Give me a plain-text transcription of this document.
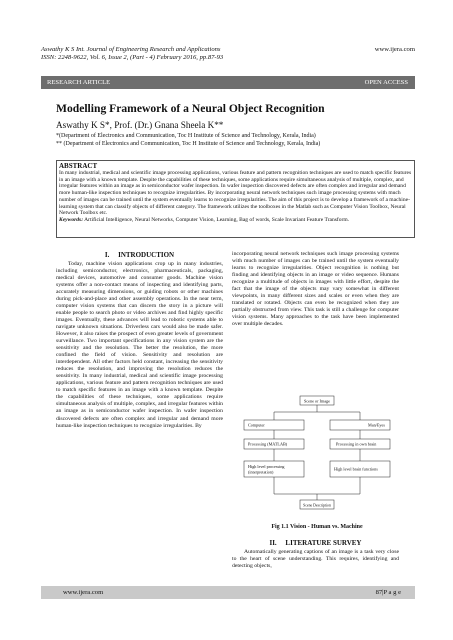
Aswathy K S Int. Journal of Engineering Research and Applications
ISSN: 2248-9622, Vol. 6, Issue 2, (Part - 4) February 2016, pp.87-93
www.ijera.com
RESEARCH ARTICLE	OPEN ACCESS
Modelling Framework of a Neural Object Recognition
Aswathy K S*, Prof. (Dr.) Gnana Sheela K**
*(Department of Electronics and Communication, Toc H Institute of Science and Technology, Kerala, India)
** (Department of Electronics and Communication, Toc H Institute of Science and Technology, Kerala, India)
ABSTRACT
In many industrial, medical and scientific image processing applications, various feature and pattern recognition techniques are used to match specific features in an image with a known template. Despite the capabilities of these techniques, some applications require simultaneous analysis of multiple, complex, and irregular features within an image as in semiconductor wafer inspection. In wafer inspection discovered defects are often complex and irregular and demand more human-like inspection techniques to recognize irregularities. By incorporating neural network techniques such image processing systems with much number of images can be trained until the system eventually learns to recognize irregularities. The aim of this project is to develop a framework of a machine-learning system that can classify objects of different category. The framework utilizes the toolboxes in the Matlab such as Computer Vision Toolbox, Neural Network Toolbox etc.
Keywords: Artificial Intelligence, Neural Networks, Computer Vision, Learning, Bag of words, Scale Invariant Feature Transform.
I.     INTRODUCTION

Today, machine vision applications crop up in many industries, including semiconductor, electronics, pharmaceuticals, packaging, medical devices, automotive and consumer goods. Machine vision systems offer a non-contact means of inspecting and identifying parts, accurately measuring dimensions, or guiding robots or other machines during pick-and-place and other assembly operations. In the near term, computer vision systems that can discern the story in a picture will enable people to search photo or video archives and find highly specific images. Eventually, these advances will lead to robotic systems able to navigate unknown situations. Driverless cars would also be made safer. However, it also raises the prospect of even greater levels of government surveillance. Two important specifications in any vision system are the sensitivity and the resolution. The better the resolution, the more confined the field of vision. Sensitivity and resolution are interdependent. All other factors held constant, increasing the sensitivity reduces the resolution, and improving the resolution reduces the sensitivity. In many industrial, medical and scientific image processing applications, various feature and pattern recognition techniques are used to match specific features in an image with a known template. Despite the capabilities of these techniques, some applications require simultaneous analysis of multiple, complex, and irregular features within an image as in semiconductor wafer inspection. In wafer inspection discovered defects are often complex and irregular and demand more human-like inspection techniques to recognize irregularities. By

incorporating neural network techniques such image processing systems with much number of images can be trained until the system eventually learns to recognize irregularities. Object recognition is nothing but finding and identifying objects in an image or video sequence. Humans recognize a multitude of objects in images with little effort, despite the fact that the image of the objects may vary somewhat in different viewpoints, in many different sizes and scales or even when they are translated or rotated. Objects can even be recognized when they are partially obstructed from view. This task is still a challenge for computer vision systems. Many approaches to the task have been implemented over multiple decades.
Scene or Image
Computer	Man/Eyes
Processing (MATLAB)	Processing in own brain
High level processing
(interpretation)
High level brain functions
Scene Description
Fig 1.1 Vision - Human vs. Machine
II.     LITERATURE SURVEY

Automatically generating captions of an image is a task very close to the heart of scene understanding. This requires, identifying and detecting objects,

www.ijera.com	87|P a g e
